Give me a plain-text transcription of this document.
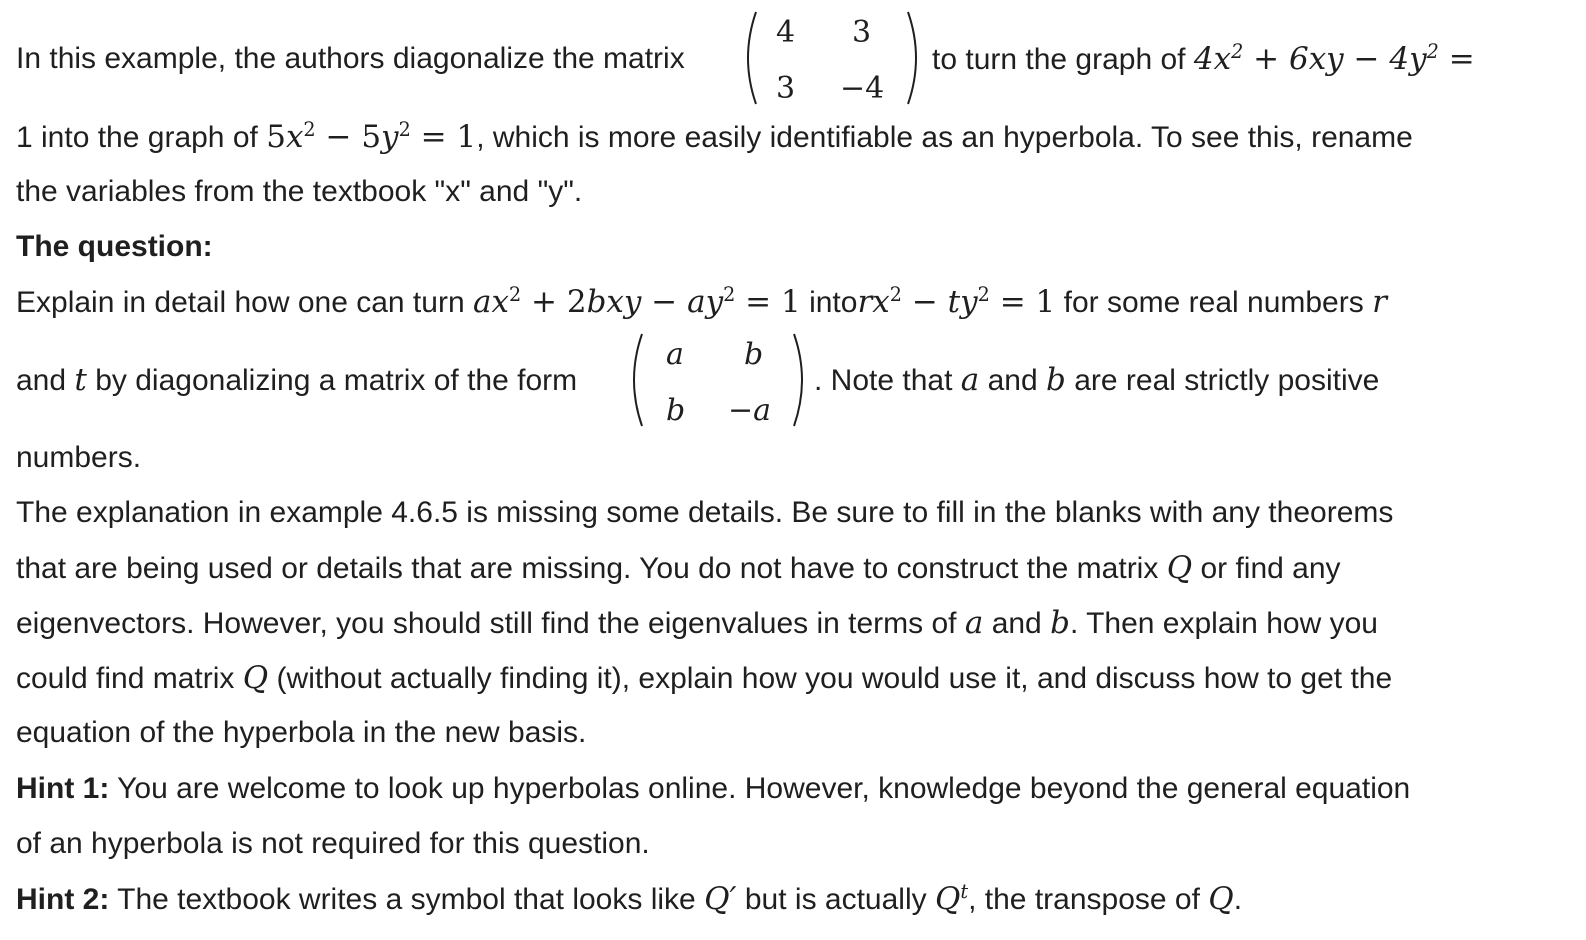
In this example, the authors diagonalize the matrix
4 3
3 −4
to turn the graph of $4x^2 + 6xy - 4y^2$ =
1 into the graph of $5x^2 - 5y^2 = 1$, which is more easily identifiable as an hyperbola. To see this, rename
the variables from the textbook "x" and "y".
The question:
Explain in detail how one can turn $ax^2 + 2bxy - ay^2 = 1$ intorx$^2$ − $ty^2 = 1$ for some real numbers r
and t by diagonalizing a matrix of the form
a b
b −a
. Note that a and b are real strictly positive
numbers.
The explanation in example 4.6.5 is missing some details. Be sure to fill in the blanks with any theorems
that are being used or details that are missing. You do not have to construct the matrix Q or find any
eigenvectors. However, you should still find the eigenvalues in terms of a and b. Then explain how you
could find matrix Q (without actually finding it), explain how you would use it, and discuss how to get the
equation of the hyperbola in the new basis.
Hint 1: You are welcome to look up hyperbolas online. However, knowledge beyond the general equation
of an hyperbola is not required for this question.
Hint 2: The textbook writes a symbol that looks like Q′ but is actually $Q^t$, the transpose of Q.
